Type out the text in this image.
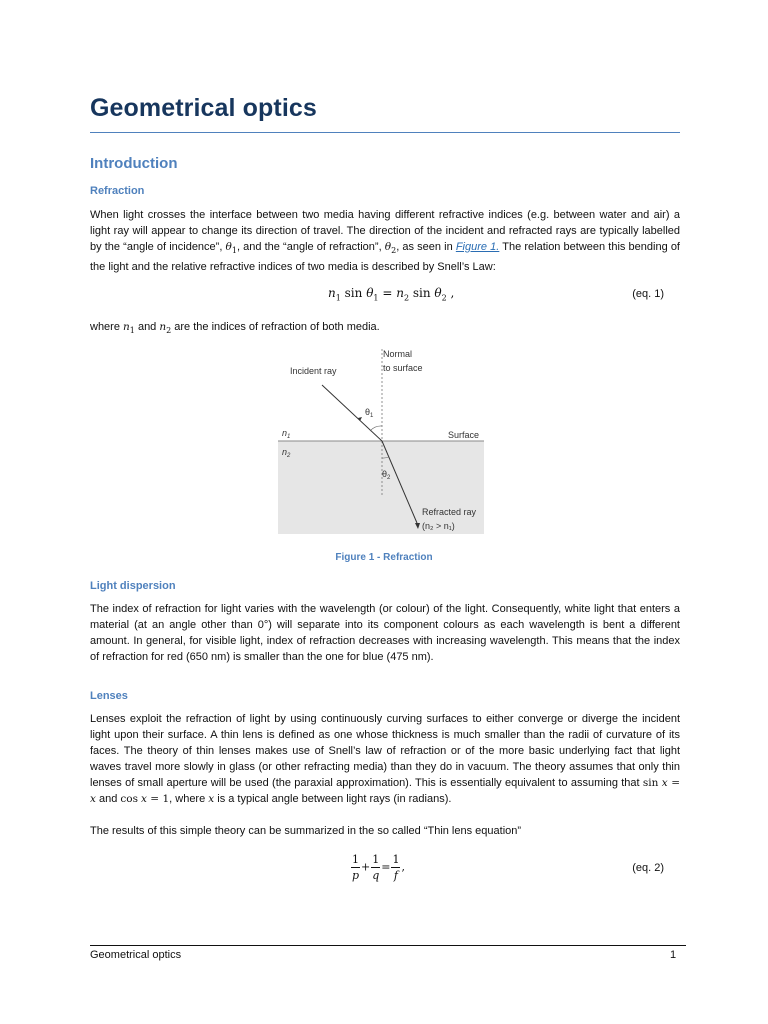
Geometrical optics
Introduction
Refraction

When light crosses the interface between two media having different refractive indices (e.g. between water and air) a light ray will appear to change its direction of travel. The direction of the incident and refracted rays are typically labelled by the “angle of incidence”, $\theta_1$, and the “angle of refraction”, $\theta_2$, as seen in Figure 1. The relation between this bending of the light and the relative refractive indices of two media is described by Snell’s Law:

$n_1$ $\sin \theta_1 = n_2$ $\sin \theta_2$ ,	(eq. 1)

where $n_1$ and $n_2$ are the indices of refraction of both media.

Normal
to surface
Incident ray
$\theta_1$
$\theta_2$
$n_1$
$n_2$
Surface
Refracted ray
(n₂ > n₁)
Figure 1 - Refraction
Light dispersion

The index of refraction for light varies with the wavelength (or colour) of the light. Consequently, white light that enters a material (at an angle other than 0°) will separate into its component colours as each wavelength is bent a different amount. In general, for visible light, index of refraction decreases with increasing wavelength. This means that the index of refraction for red (650 nm) is smaller than the one for blue (475 nm).

Lenses

Lenses exploit the refraction of light by using continuously curving surfaces to either converge or diverge the incident light upon their surface. A thin lens is defined as one whose thickness is much smaller than the radii of curvature of its faces. The theory of thin lenses makes use of Snell’s law of refraction or of the more basic underlying fact that light waves travel more slowly in glass (or other refracting media) than they do in vacuum. The theory assumes that only thin lenses of small aperture will be used (the paraxial approximation). This is essentially equivalent to assuming that sin x = x and cos x = 1, where x is a typical angle between light rays (in radians).

The results of this simple theory can be summarized in the so called “Thin lens equation”

$\frac{1}{p} + \frac{1}{q} = \frac{1}{f}$ ,	(eq. 2)
Geometrical optics	1
